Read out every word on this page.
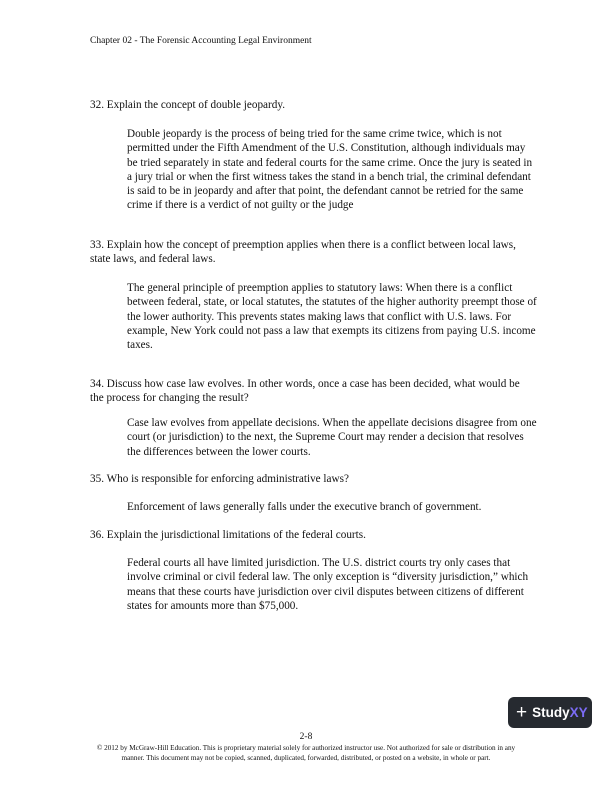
Chapter 02 - The Forensic Accounting Legal Environment
32. Explain the concept of double jeopardy.
Double jeopardy is the process of being tried for the same crime twice, which is not permitted under the Fifth Amendment of the U.S. Constitution, although individuals may be tried separately in state and federal courts for the same crime. Once the jury is seated in a jury trial or when the first witness takes the stand in a bench trial, the criminal defendant is said to be in jeopardy and after that point, the defendant cannot be retried for the same crime if there is a verdict of not guilty or the judge
33. Explain how the concept of preemption applies when there is a conflict between local laws, state laws, and federal laws.
The general principle of preemption applies to statutory laws: When there is a conflict between federal, state, or local statutes, the statutes of the higher authority preempt those of the lower authority. This prevents states making laws that conflict with U.S. laws. For example, New York could not pass a law that exempts its citizens from paying U.S. income taxes.
34. Discuss how case law evolves. In other words, once a case has been decided, what would be the process for changing the result?
Case law evolves from appellate decisions. When the appellate decisions disagree from one court (or jurisdiction) to the next, the Supreme Court may render a decision that resolves the differences between the lower courts.
35. Who is responsible for enforcing administrative laws?
Enforcement of laws generally falls under the executive branch of government.
36. Explain the jurisdictional limitations of the federal courts.
Federal courts all have limited jurisdiction. The U.S. district courts try only cases that involve criminal or civil federal law. The only exception is “diversity jurisdiction,” which means that these courts have jurisdiction over civil disputes between citizens of different states for amounts more than $75,000.
+ Study XY
2-8
© 2012 by McGraw-Hill Education. This is proprietary material solely for authorized instructor use. Not authorized for sale or distribution in any manner. This document may not be copied, scanned, duplicated, forwarded, distributed, or posted on a website, in whole or part.
